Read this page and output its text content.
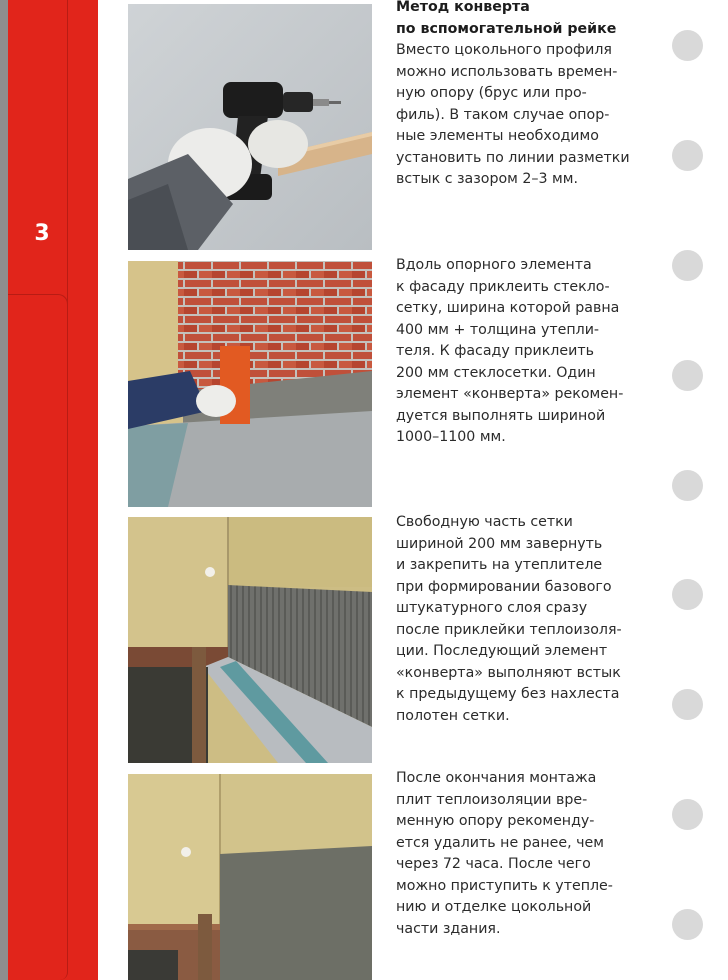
3
Метод конверта
по вспомогательной рейке
Вместо цокольного профиля
можно использовать времен-
ную опору (брус или про-
филь). В таком случае опор-
ные элементы необходимо
установить по линии разметки
встык с зазором 2–3 мм.
Вдоль опорного элемента
к фасаду приклеить стекло-
сетку, ширина которой равна
400 мм + толщина утепли-
теля. К фасаду приклеить
200 мм стеклосетки. Один
элемент «конверта» рекомен-
дуется выполнять шириной
1000–1100 мм.
Свободную часть сетки
шириной 200 мм завернуть
и закрепить на утеплителе
при формировании базового
штукатурного слоя сразу
после приклейки теплоизоля-
ции. Последующий элемент
«конверта» выполняют встык
к предыдущему без нахлеста
полотен сетки.
После окончания монтажа
плит теплоизоляции вре-
менную опору рекоменду-
ется удалить не ранее, чем
через 72 часа. После чего
можно приступить к утепле-
нию и отделке цокольной
части здания.
